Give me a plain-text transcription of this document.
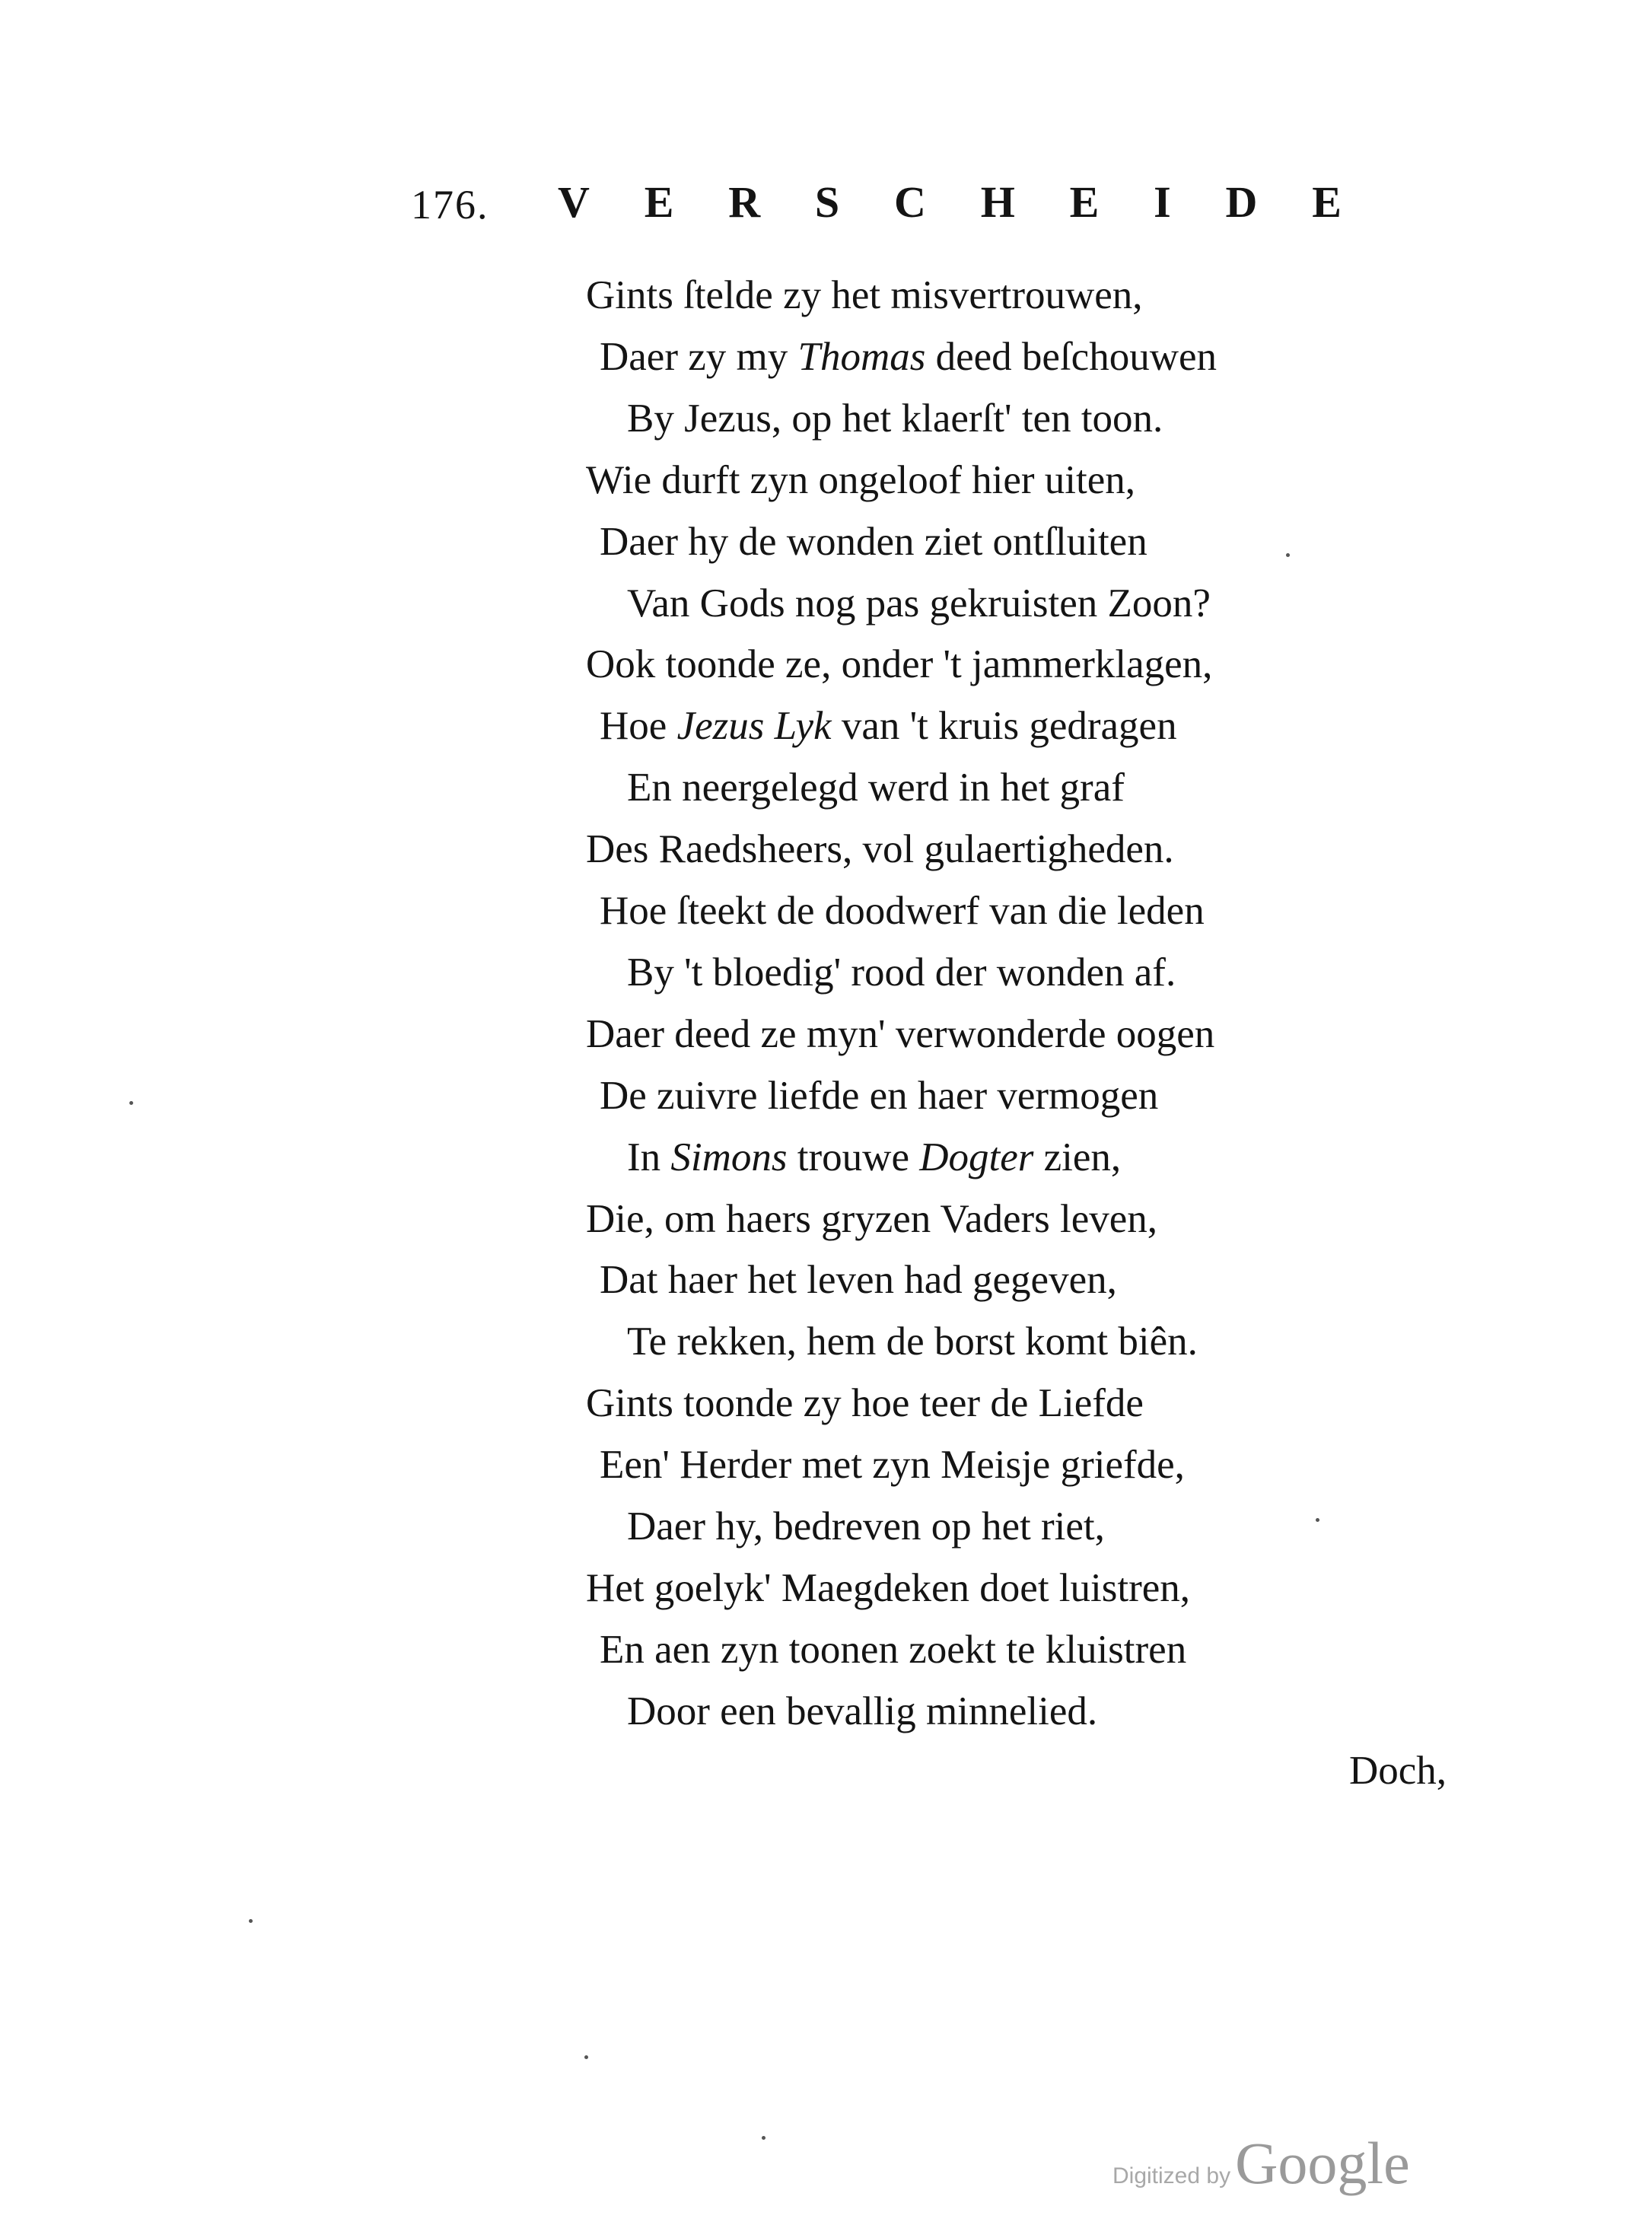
176. V E R S C H E I D E
Gints ſtelde zy het misvertrouwen,
Daer zy my Thomas deed beſchouwen
By Jezus, op het klaerſt' ten toon.
Wie durft zyn ongeloof hier uiten,
Daer hy de wonden ziet ontſluiten
Van Gods nog pas gekruisten Zoon?
Ook toonde ze, onder 't jammerklagen,
Hoe Jezus Lyk van 't kruis gedragen
En neergelegd werd in het graf
Des Raedsheers, vol gulaertigheden.
Hoe ſteekt de doodwerf van die leden
By 't bloedig' rood der wonden af.
Daer deed ze myn' verwonderde oogen
De zuivre liefde en haer vermogen
In Simons trouwe Dogter zien,
Die, om haers gryzen Vaders leven,
Dat haer het leven had gegeven,
Te rekken, hem de borst komt biên.
Gints toonde zy hoe teer de Liefde
Een' Herder met zyn Meisje griefde,
Daer hy, bedreven op het riet,
Het goelyk' Maegdeken doet luistren,
En aen zyn toonen zoekt te kluistren
Door een bevallig minnelied.
Doch,
Digitized by Google
